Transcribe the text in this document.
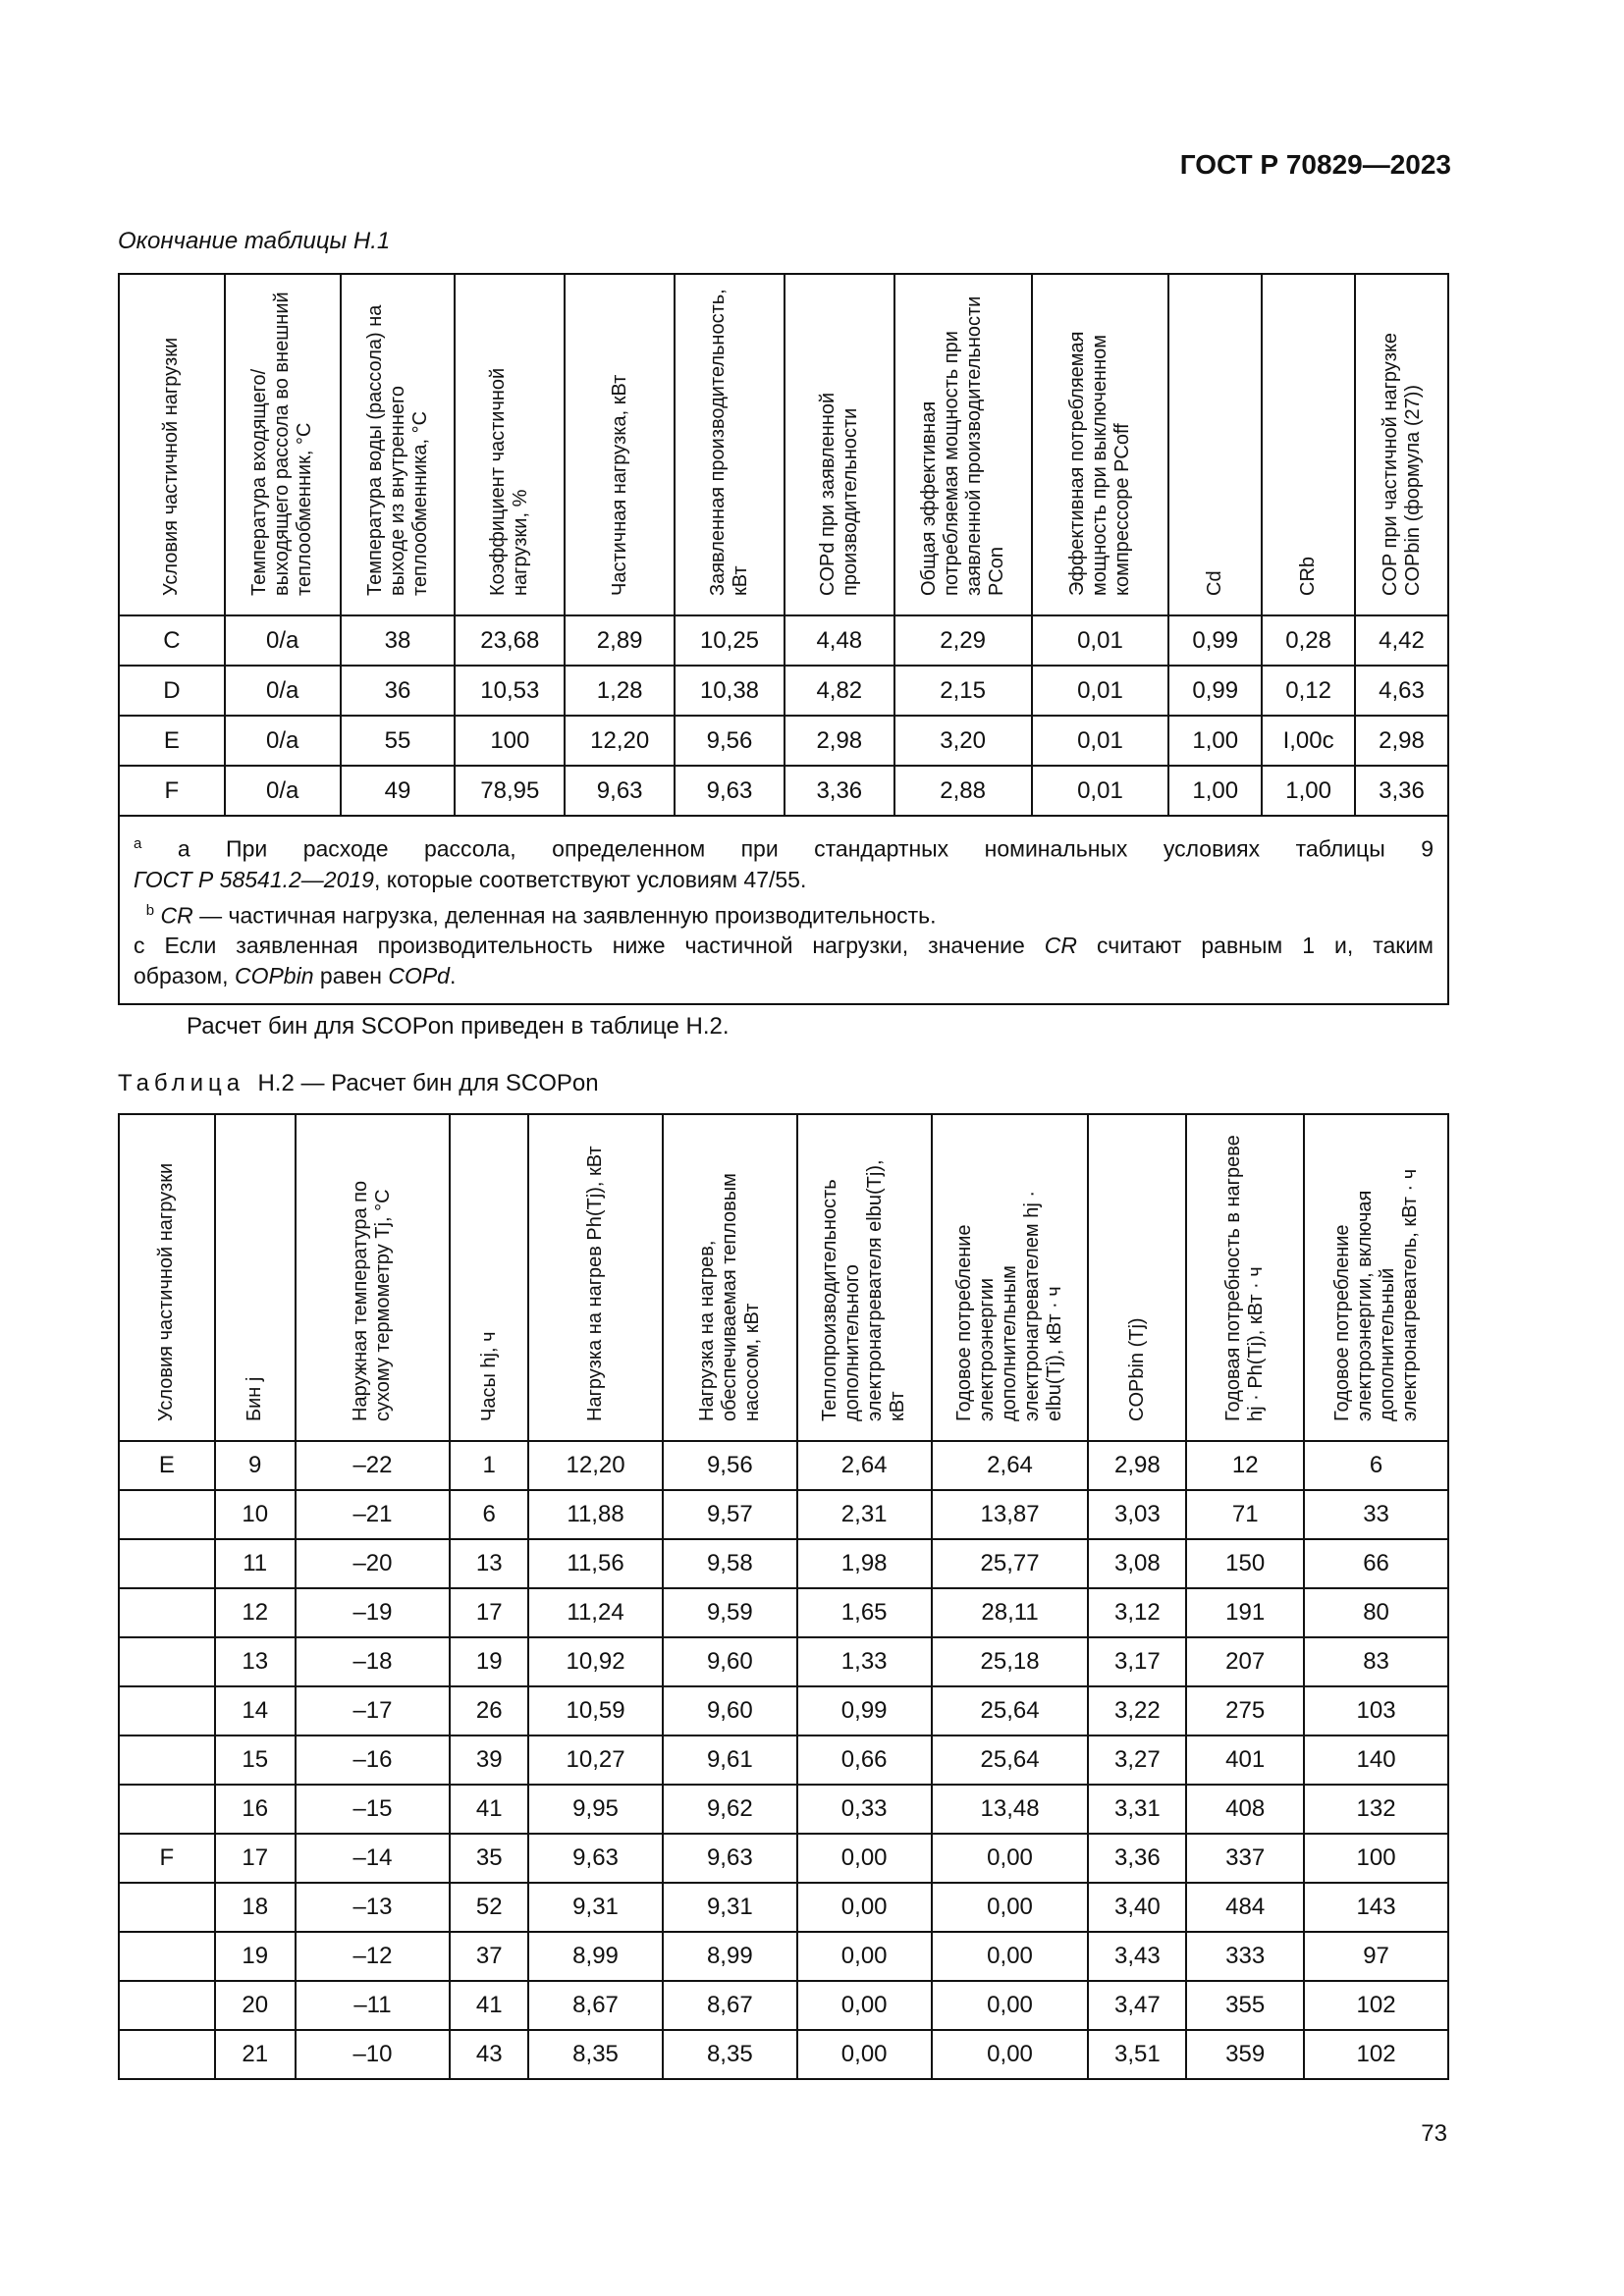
ГОСТ Р 70829—2023
Окончание таблицы Н.1
Условия частичной нагрузки	Температура входящего/выходящего рассола во внешний теплообменник, °С	Температура воды (рассола) на выходе из внутреннего теплообменника, °С	Коэффициент частичной нагрузки, %	Частичная нагрузка, кВт	Заявленная производительность, кВт	COPd при заявленной производительности	Общая эффективная потребляемая мощность при заявленной производительности PCon	Эффективная потребляемая мощность при выключенном компрессоре PCoff	Cd	CRb	COP при частичной нагрузке COPbin (формула (27))
C	0/а	38	23,68	2,89	10,25	4,48	2,29	0,01	0,99	0,28	4,42
D	0/а	36	10,53	1,28	10,38	4,82	2,15	0,01	0,99	0,12	4,63
E	0/а	55	100	12,20	9,56	2,98	3,20	0,01	1,00	I,00с	2,98
F	0/а	49	78,95	9,63	9,63	3,36	2,88	0,01	1,00	1,00	3,36

$^а$ а При расходе рассола, определенном при стандартных номинальных условиях таблицы 9

ГОСТ Р 58541.2—2019, которые соответствуют условиям 47/55.

$^b$ CR — частичная нагрузка, деленная на заявленную производительность.

с Если заявленная производительность ниже частичной нагрузки, значение CR считают равным 1 и, таким

образом, COPbin равен COPd.											

Расчет бин для SCOPon приведен в таблице Н.2.
Таблица Н.2 — Расчет бин для SCOPon
Условия частичной нагрузки	Бин j	Наружная температура по сухому термометру Tj, °С	Часы hj, ч	Нагрузка на нагрев Ph(Tj), кВт	Нагрузка на нагрев, обеспечиваемая тепловым насосом, кВт	Теплопроизводительность дополнительного электронагревателя elbu(Tj), кВт	Годовое потребление электроэнергии дополнительным электронагревателем hj · elbu(Tj), кВт · ч	COPbin (Tj)	Годовая потребность в нагреве hj · Ph(Tj), кВт · ч	Годовое потребление электроэнергии, включая дополнительный электронагреватель, кВт · ч
E	9	–22	1	12,20	9,56	2,64	2,64	2,98	12	6
	10	–21	6	11,88	9,57	2,31	13,87	3,03	71	33
	11	–20	13	11,56	9,58	1,98	25,77	3,08	150	66
	12	–19	17	11,24	9,59	1,65	28,11	3,12	191	80
	13	–18	19	10,92	9,60	1,33	25,18	3,17	207	83
	14	–17	26	10,59	9,60	0,99	25,64	3,22	275	103
	15	–16	39	10,27	9,61	0,66	25,64	3,27	401	140
	16	–15	41	9,95	9,62	0,33	13,48	3,31	408	132
F	17	–14	35	9,63	9,63	0,00	0,00	3,36	337	100
	18	–13	52	9,31	9,31	0,00	0,00	3,40	484	143
	19	–12	37	8,99	8,99	0,00	0,00	3,43	333	97
	20	–11	41	8,67	8,67	0,00	0,00	3,47	355	102
	21	–10	43	8,35	8,35	0,00	0,00	3,51	359	102
73
